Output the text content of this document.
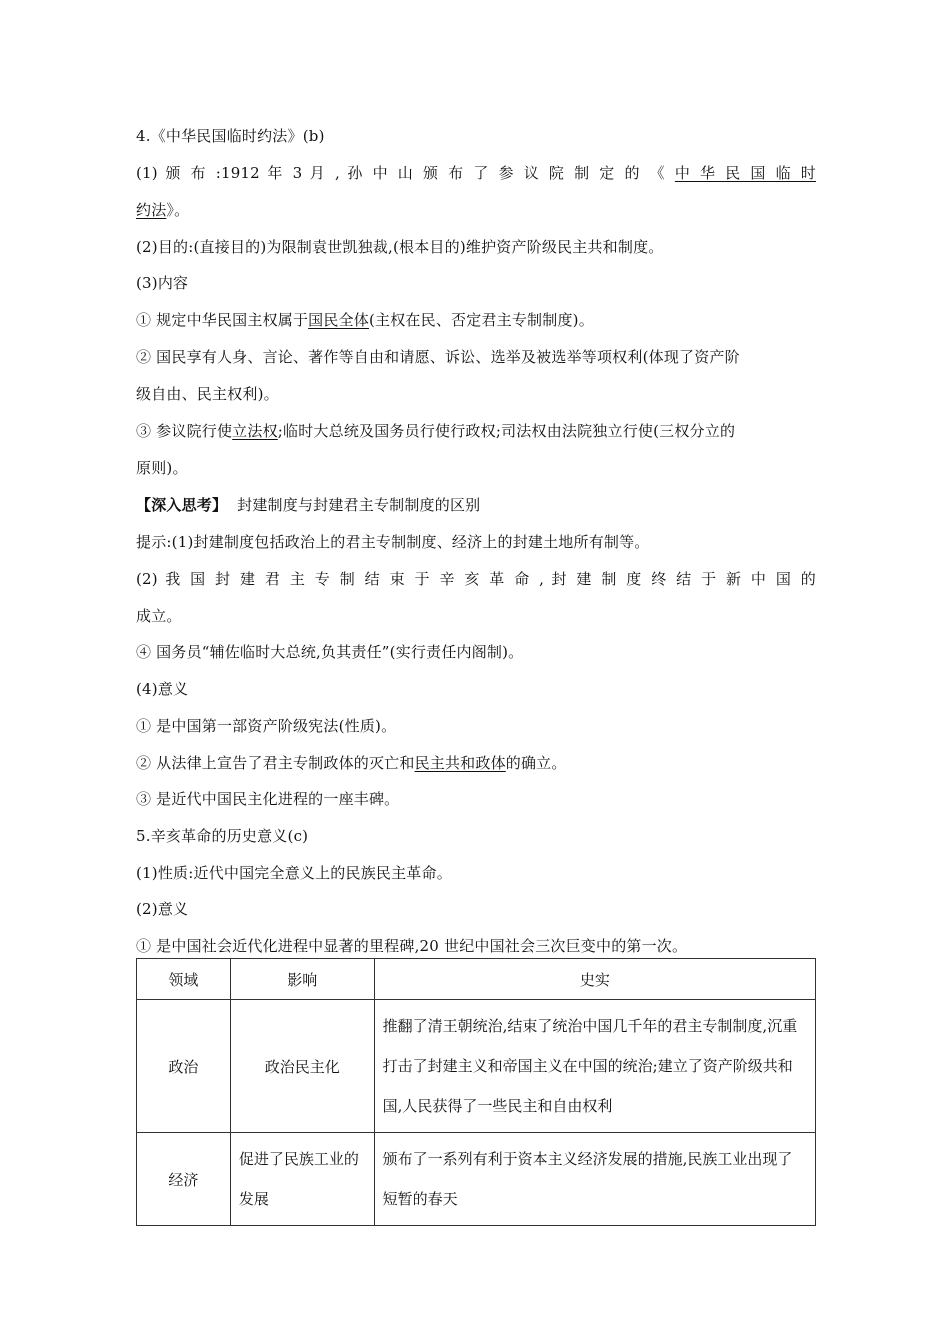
4.《中华民国临时约法》(b)
(1) 颁 布 :1912 年 3 月 , 孙 中 山 颁 布 了 参 议 院 制 定 的 《 中 华 民 国 临 时
约法》。
(2)目的:(直接目的)为限制袁世凯独裁,(根本目的)维护资产阶级民主共和制度。
(3)内容
① 规定中华民国主权属于国民全体(主权在民、否定君主专制制度)。
② 国民享有人身、言论、著作等自由和请愿、诉讼、选举及被选举等项权利(体现了资产阶
级自由、民主权利)。
③ 参议院行使立法权;临时大总统及国务员行使行政权;司法权由法院独立行使(三权分立的
原则)。
【深入思考】 封建制度与封建君主专制制度的区别
提示:(1)封建制度包括政治上的君主专制制度、经济上的封建土地所有制等。
(2) 我 国 封 建 君 主 专 制 结 束 于 辛 亥 革 命 , 封 建 制 度 终 结 于 新 中 国 的
成立。
④ 国务员“辅佐临时大总统,负其责任”(实行责任内阁制)。
(4)意义
① 是中国第一部资产阶级宪法(性质)。
② 从法律上宣告了君主专制政体的灭亡和民主共和政体的确立。
③ 是近代中国民主化进程的一座丰碑。
5.辛亥革命的历史意义(c)
(1)性质:近代中国完全意义上的民族民主革命。
(2)意义
① 是中国社会近代化进程中显著的里程碑,20 世纪中国社会三次巨变中的第一次。
领域	影响	史实
政治	政治民主化	推翻了清王朝统治,结束了统治中国几千年的君主专制制度,沉重打击了封建主义和帝国主义在中国的统治;建立了资产阶级共和国,人民获得了一些民主和自由权利
经济	促进了民族工业的发展	颁布了一系列有利于资本主义经济发展的措施,民族工业出现了短暂的春天
